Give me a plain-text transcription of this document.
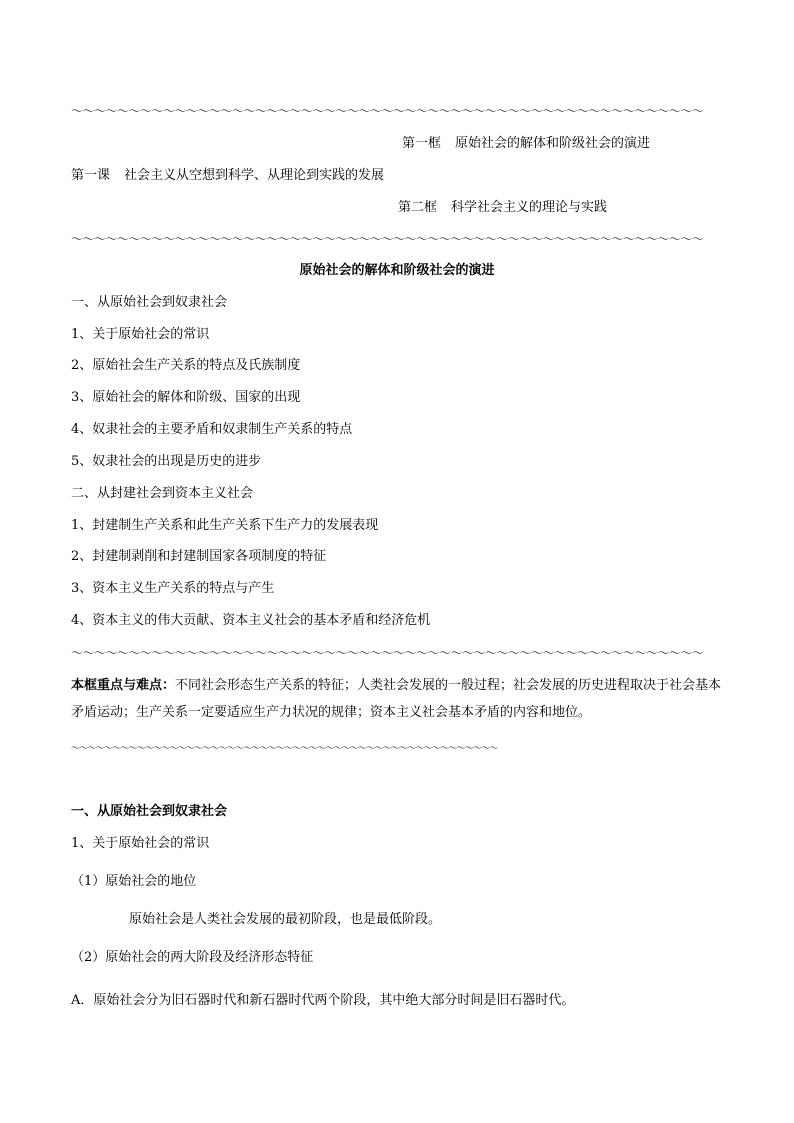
～～～～～～～～～～～～～～～～～～～～～～～～～～～～～～～～～～～～～～～～～～～～～～～～～～～～～～～
第一框 原始社会的解体和阶级社会的演进
第一课 社会主义从空想到科学、从理论到实践的发展
第二框 科学社会主义的理论与实践
～～～～～～～～～～～～～～～～～～～～～～～～～～～～～～～～～～～～～～～～～～～～～～～～～～～～～～～
原始社会的解体和阶级社会的演进
一、从原始社会到奴隶社会
1、关于原始社会的常识
2、原始社会生产关系的特点及氏族制度
3、原始社会的解体和阶级、国家的出现
4、奴隶社会的主要矛盾和奴隶制生产关系的特点
5、奴隶社会的出现是历史的进步
二、从封建社会到资本主义社会
1、封建制生产关系和此生产关系下生产力的发展表现
2、封建制剥削和封建制国家各项制度的特征
3、资本主义生产关系的特点与产生
4、资本主义的伟大贡献、资本主义社会的基本矛盾和经济危机
～～～～～～～～～～～～～～～～～～～～～～～～～～～～～～～～～～～～～～～～～～～～～～～～～～～～～～～
本框重点与难点：不同社会形态生产关系的特征；人类社会发展的一般过程；社会发展的历史进程取决于社会基本矛盾运动；生产关系一定要适应生产力状况的规律；资本主义社会基本矛盾的内容和地位。
～～～～～～～～～～～～～～～～～～～～～～～～～～～～～～～～～～～～～～～～～～～～～～～～～～～～
一、从原始社会到奴隶社会
1、关于原始社会的常识
（1）原始社会的地位
原始社会是人类社会发展的最初阶段，也是最低阶段。
（2）原始社会的两大阶段及经济形态特征
A．原始社会分为旧石器时代和新石器时代两个阶段，其中绝大部分时间是旧石器时代。
